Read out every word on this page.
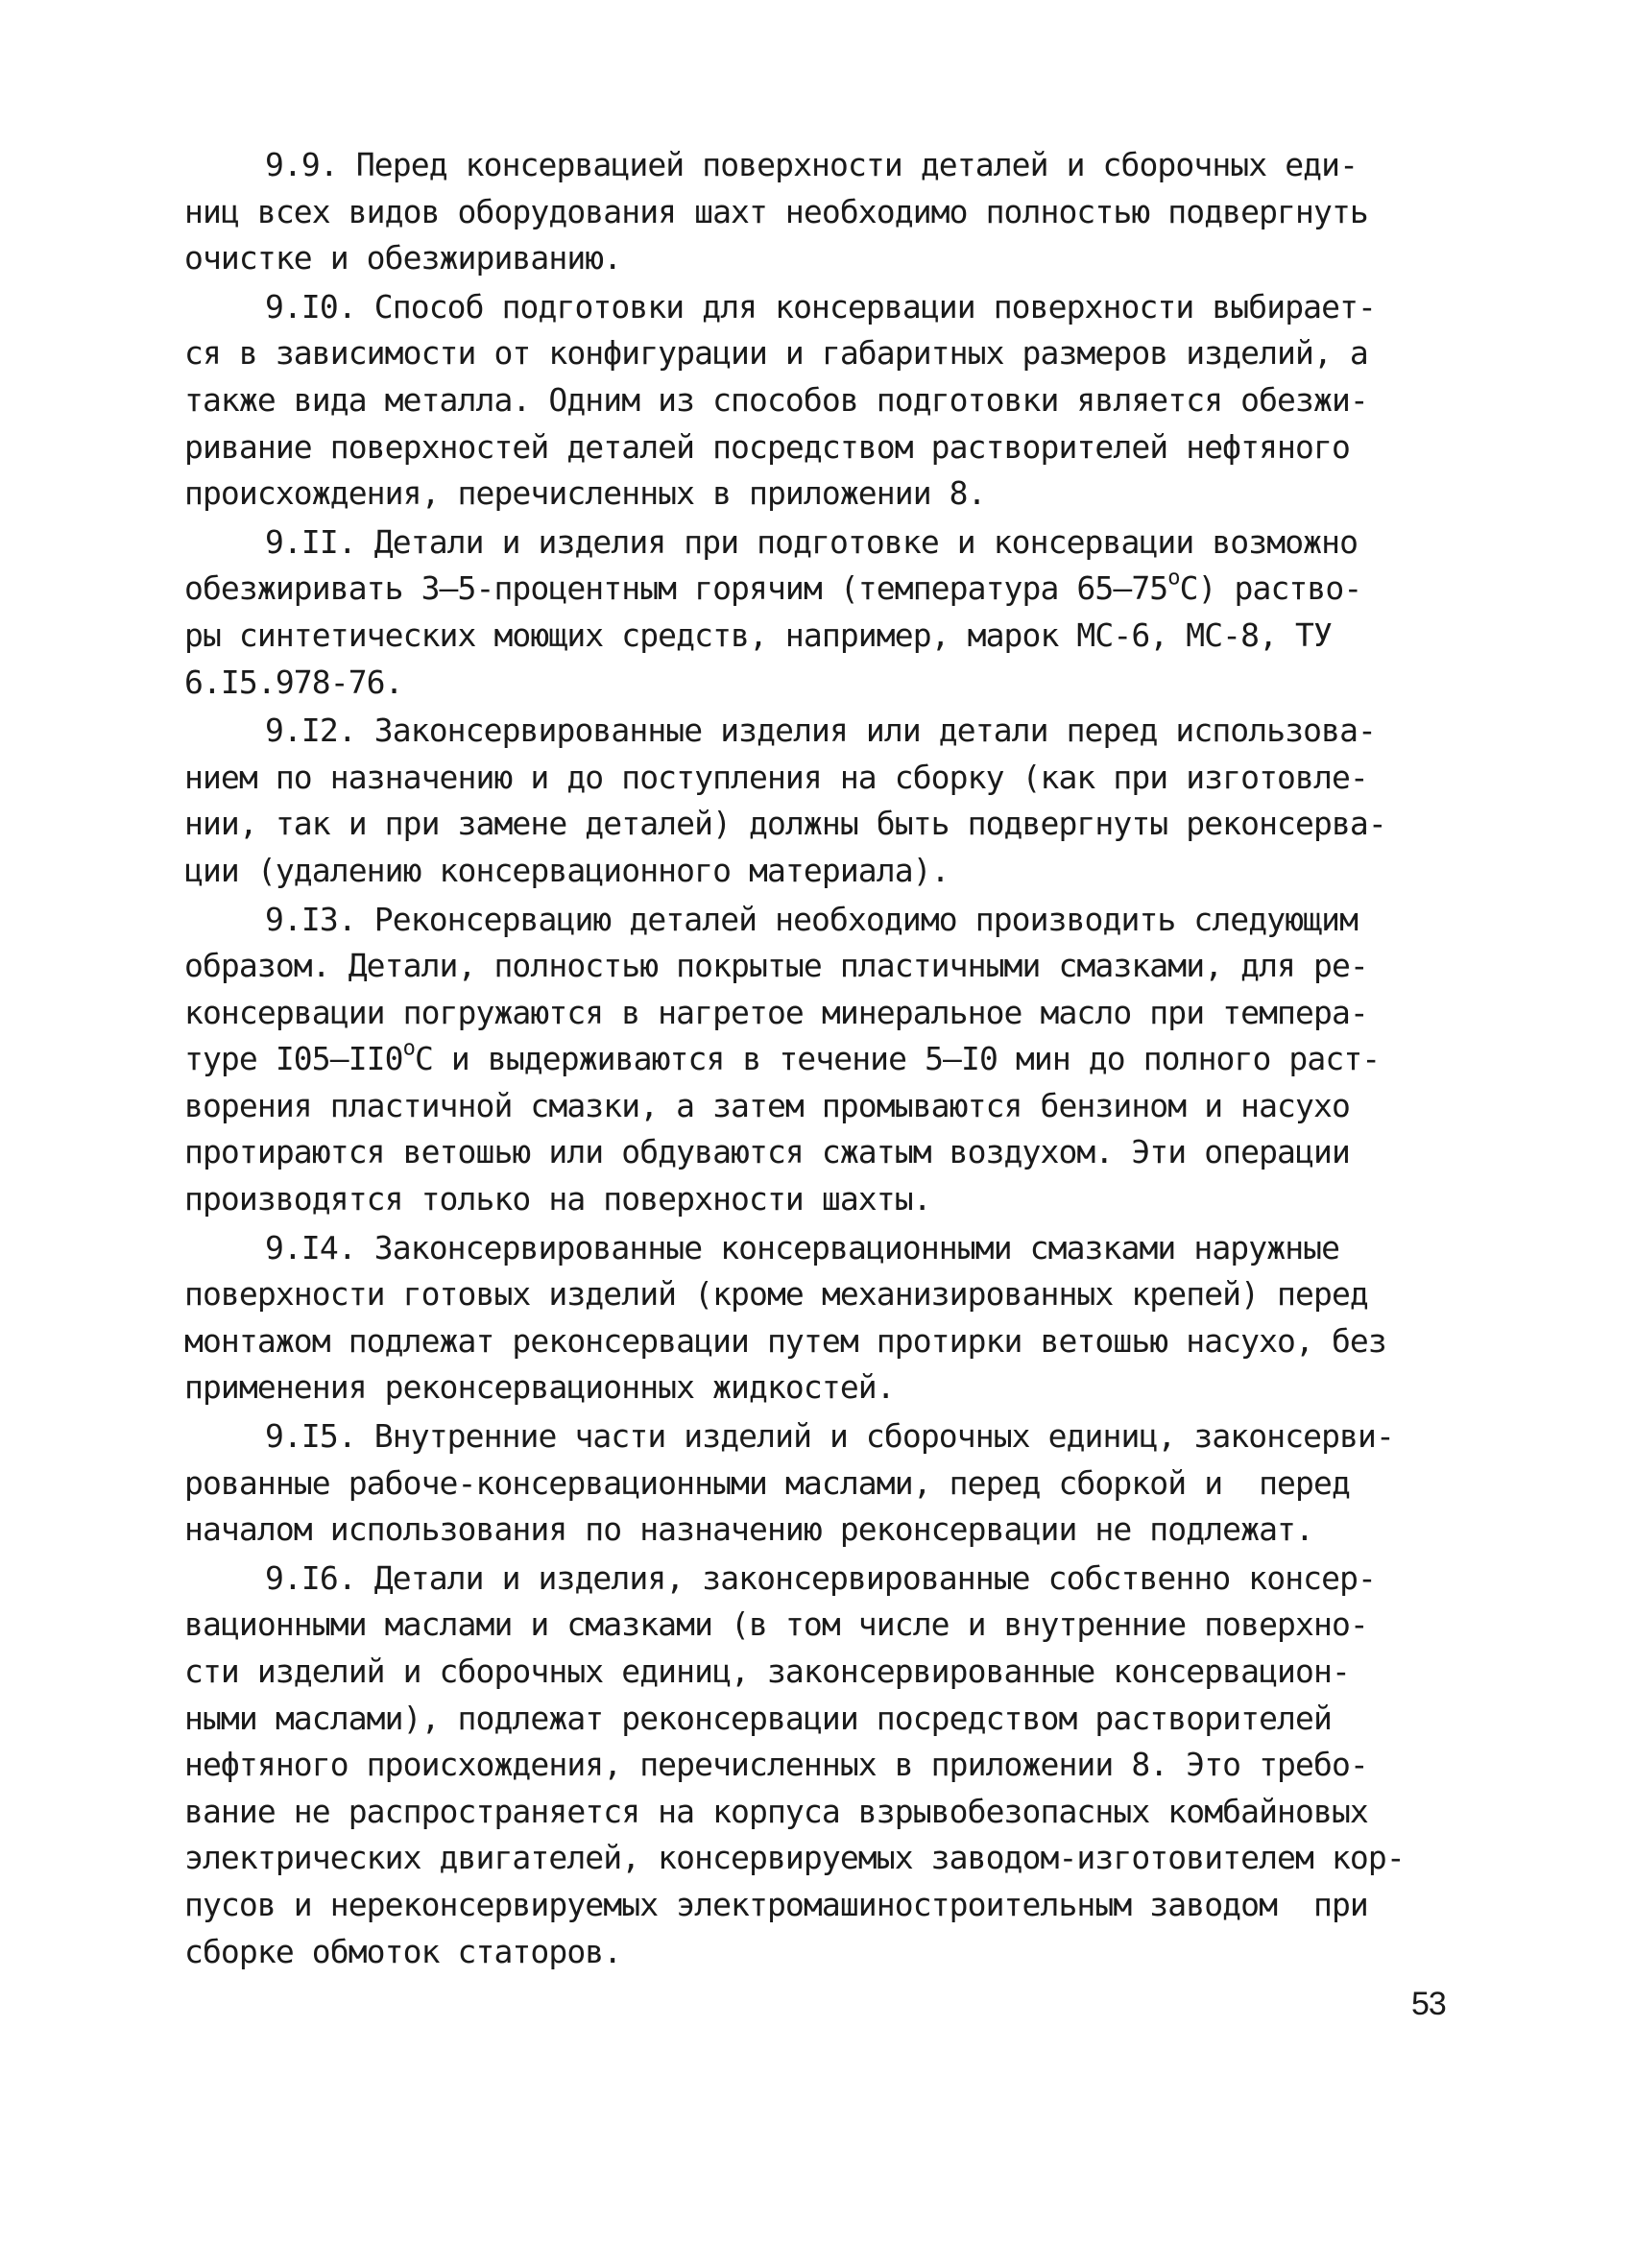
9.9. Перед консервацией поверхности деталей и сборочных еди-
ниц всех видов оборудования шахт необходимо полностью подвергнуть
очистке и обезжириванию.
9.I0. Способ подготовки для консервации поверхности выбирает-
ся в зависимости от конфигурации и габаритных размеров изделий, а
также вида металла. Одним из способов подготовки является обезжи-
ривание поверхностей деталей посредством растворителей нефтяного
происхождения, перечисленных в приложении 8.
9.II. Детали и изделия при подготовке и консервации возможно
обезжиривать 3–5-процентным горячим (температура 65–75$^o$С) раство-
ры синтетических моющих средств, например, марок МС-6, МС-8, ТУ
6.I5.978-76.
9.I2. Законсервированные изделия или детали перед использова-
нием по назначению и до поступления на сборку (как при изготовле-
нии, так и при замене деталей) должны быть подвергнуты реконсерва-
ции (удалению консервационного материала).
9.I3. Реконсервацию деталей необходимо производить следующим
образом. Детали, полностью покрытые пластичными смазками, для ре-
консервации погружаются в нагретое минеральное масло при темпера-
туре I05–II0$^o$С и выдерживаются в течение 5–I0 мин до полного раст-
ворения пластичной смазки, а затем промываются бензином и насухо
протираются ветошью или обдуваются сжатым воздухом. Эти операции
производятся только на поверхности шахты.
9.I4. Законсервированные консервационными смазками наружные
поверхности готовых изделий (кроме механизированных крепей) перед
монтажом подлежат реконсервации путем протирки ветошью насухо, без
применения реконсервационных жидкостей.
9.I5. Внутренние части изделий и сборочных единиц, законсерви-
рованные рабоче-консервационными маслами, перед сборкой и  перед
началом использования по назначению реконсервации не подлежат.
9.I6. Детали и изделия, законсервированные собственно консер-
вационными маслами и смазками (в том числе и внутренние поверхно-
сти изделий и сборочных единиц, законсервированные консервацион-
ными маслами), подлежат реконсервации посредством растворителей
нефтяного происхождения, перечисленных в приложении 8. Это требо-
вание не распространяется на корпуса взрывобезопасных комбайновых
электрических двигателей, консервируемых заводом-изготовителем кор-
пусов и нереконсервируемых электромашиностроительным заводом  при
сборке обмоток статоров.
53
